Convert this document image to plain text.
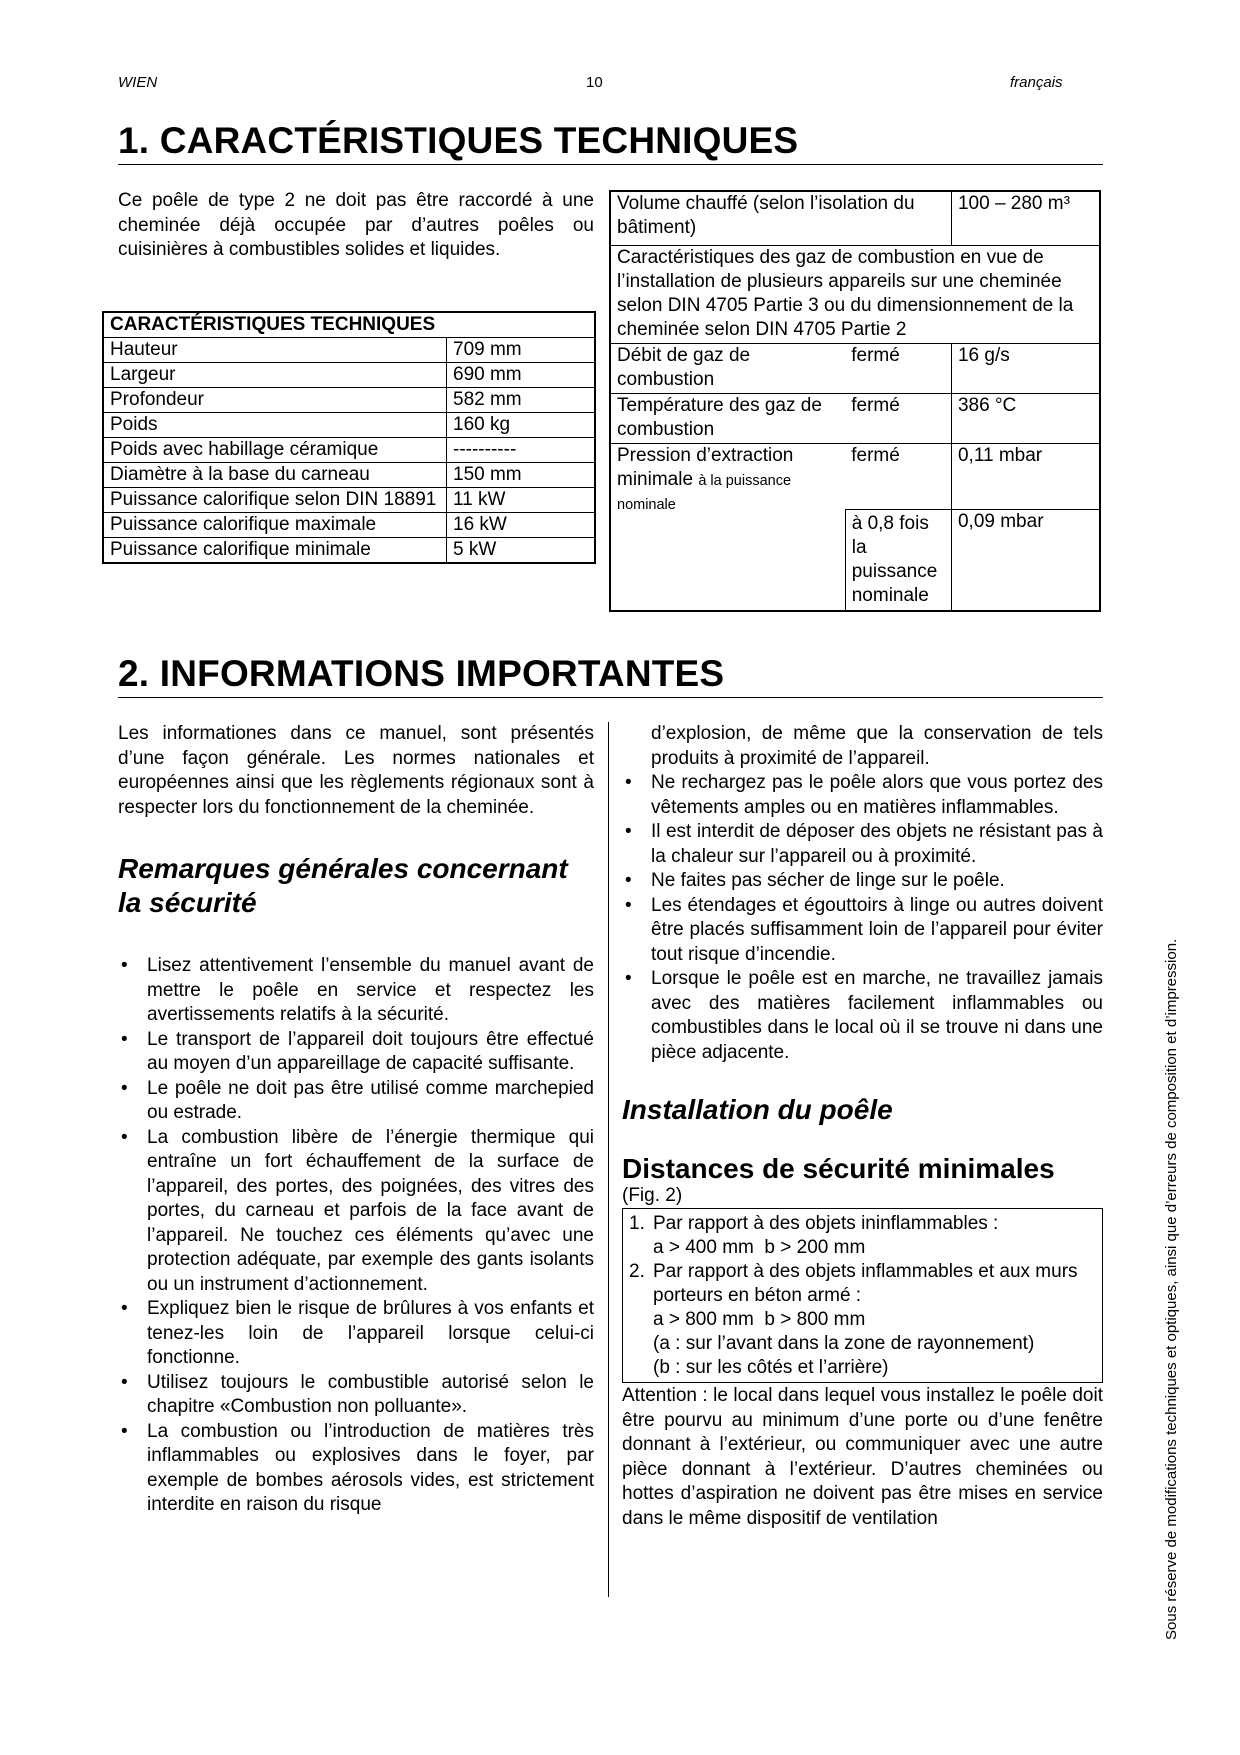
WIEN	10	français
1. CARACTÉRISTIQUES TECHNIQUES

Ce poêle de type 2 ne doit pas être raccordé à une cheminée déjà occupée par d’autres poêles ou cuisinières à combustibles solides et liquides.

CARACTÉRISTIQUES TECHNIQUES	
Hauteur	709 mm
Largeur	690 mm
Profondeur	582 mm
Poids	160 kg
Poids avec habillage céramique	----------
Diamètre à la base du carneau	150 mm
Puissance calorifique selon DIN 18891	11 kW
Puissance calorifique maximale	16 kW
Puissance calorifique minimale	5 kW
Volume chauffé (selon l’isolation du bâtiment)		100 – 280 m³
Caractéristiques des gaz de combustion en vue de l’installation de plusieurs appareils sur une cheminée selon DIN 4705 Partie 3 ou du dimensionnement de la cheminée selon DIN 4705 Partie 2		
Débit de gaz de combustion	fermé	16 g/s
Température des gaz de combustion	fermé	386 °C
Pression d’extraction minimale à la puissance nominale	fermé	0,11 mbar
	à 0,8 fois la puissance nominale	0,09 mbar
2. INFORMATIONS IMPORTANTES

Les informationes dans ce manuel, sont présentés d’une façon générale. Les normes nationales et européennes ainsi que les règlements régionaux sont à respecter lors du fonctionnement de la cheminée.

Remarques générales concernant la sécurité
• Lisez attentivement l’ensemble du manuel avant de mettre le poêle en service et respectez les avertissements relatifs à la sécurité.
• Le transport de l’appareil doit toujours être effectué au moyen d’un appareillage de capacité suffisante.
• Le poêle ne doit pas être utilisé comme marchepied ou estrade.
• La combustion libère de l’énergie thermique qui entraîne un fort échauffement de la surface de l’appareil, des portes, des poignées, des vitres des portes, du carneau et parfois de la face avant de l’appareil. Ne touchez ces éléments qu’avec une protection adéquate, par exemple des gants isolants ou un instrument d’actionnement.
• Expliquez bien le risque de brûlures à vos enfants et tenez-les loin de l’appareil lorsque celui-ci fonctionne.
• Utilisez toujours le combustible autorisé selon le chapitre «Combustion non polluante».
• La combustion ou l’introduction de matières très inflammables ou explosives dans le foyer, par exemple de bombes aérosols vides, est strictement interdite en raison du risque

d’explosion, de même que la conservation de tels produits à proximité de l’appareil.

• Ne rechargez pas le poêle alors que vous portez des vêtements amples ou en matières inflammables.
• Il est interdit de déposer des objets ne résistant pas à la chaleur sur l’appareil ou à proximité.
• Ne faites pas sécher de linge sur le poêle.
• Les étendages et égouttoirs à linge ou autres doivent être placés suffisamment loin de l’appareil pour éviter tout risque d’incendie.
• Lorsque le poêle est en marche, ne travaillez jamais avec des matières facilement inflammables ou combustibles dans le local où il se trouve ni dans une pièce adjacente.
Installation du poêle
Distances de sécurité minimales
(Fig. 2)
1. Par rapport à des objets ininflammables :
a > 400 mm  b > 200 mm
2. Par rapport à des objets inflammables et aux murs porteurs en béton armé :
a > 800 mm  b > 800 mm
(a : sur l’avant dans la zone de rayonnement)
(b : sur les côtés et l’arrière)

Attention : le local dans lequel vous installez le poêle doit être pourvu au minimum d’une porte ou d’une fenêtre donnant à l’extérieur, ou communiquer avec une autre pièce donnant à l’extérieur. D’autres cheminées ou hottes d’aspiration ne doivent pas être mises en service dans le même dispositif de ventilation	Sous réserve de modifications techniques et optiques, ainsi que d’erreurs de composition et d’impression.
